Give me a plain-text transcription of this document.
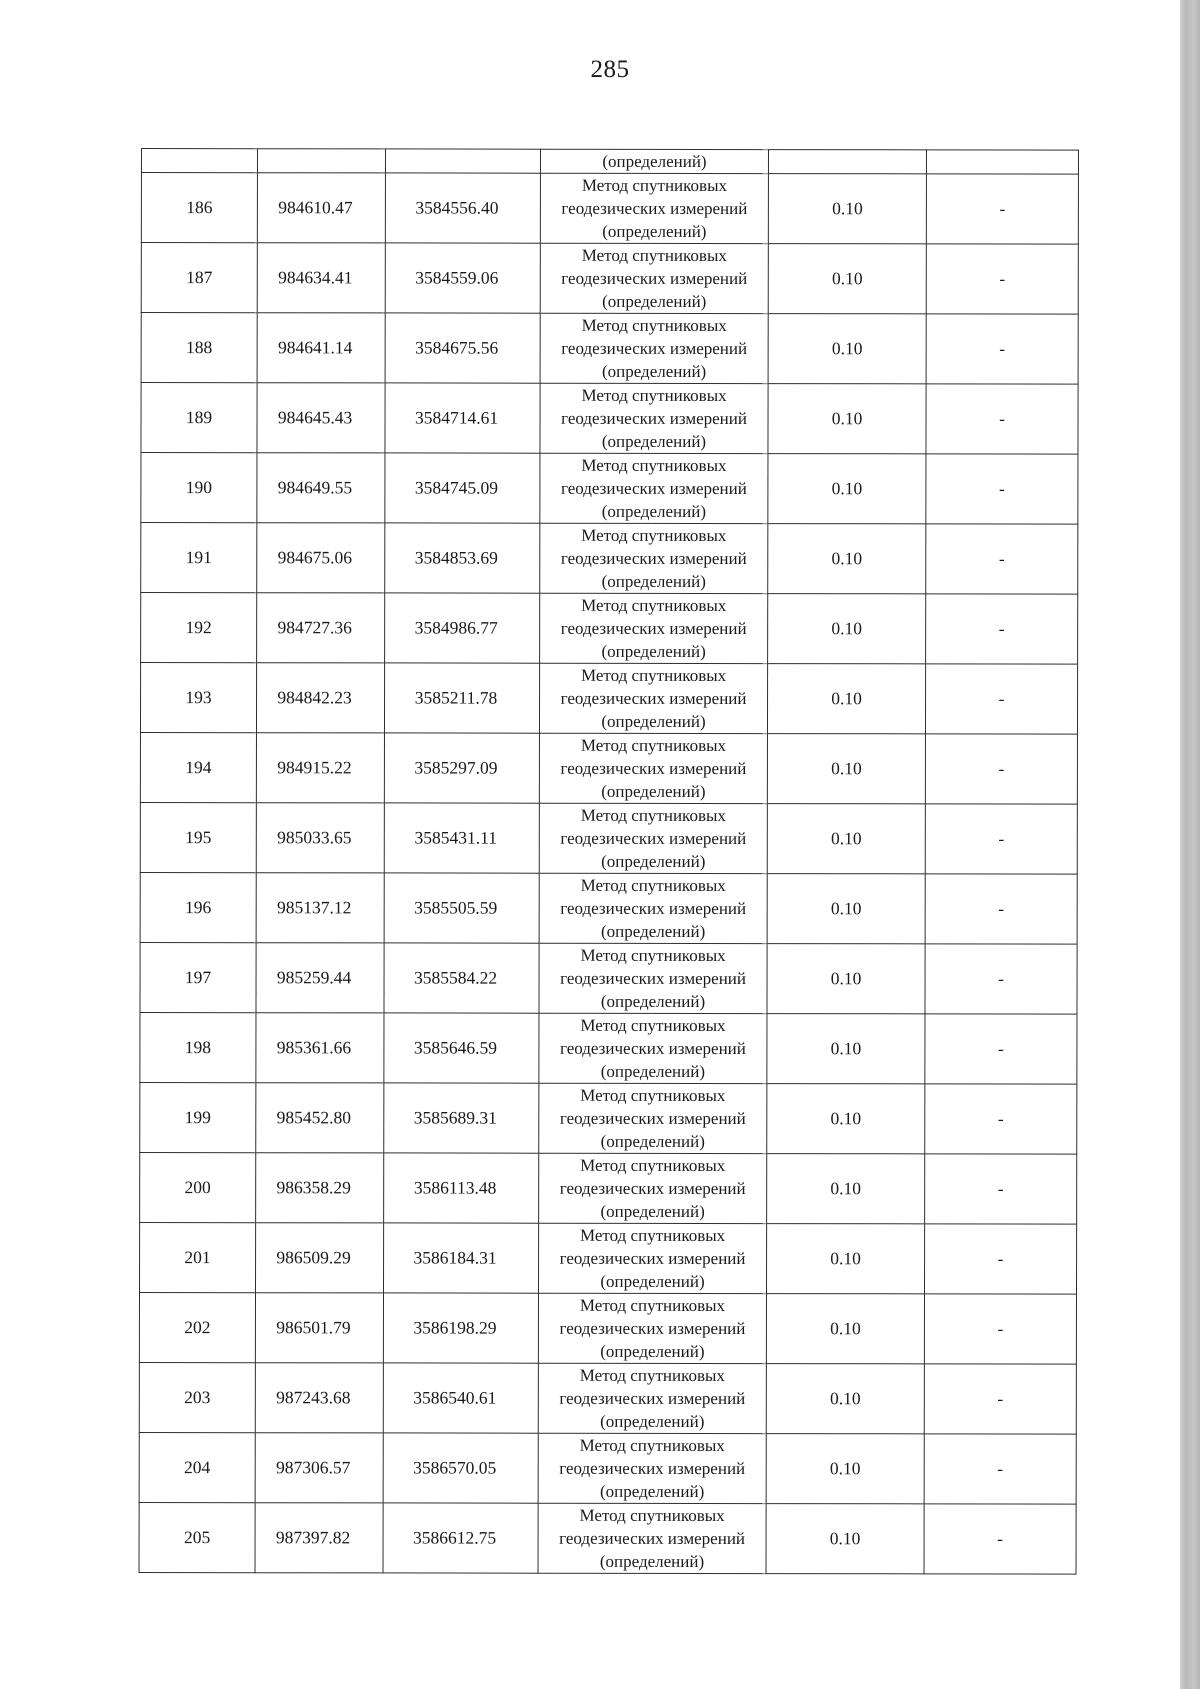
285
			(определений)		
186	984610.47	3584556.40	Метод спутниковых
геодезических измерений
(определений)	0.10	-
187	984634.41	3584559.06	Метод спутниковых
геодезических измерений
(определений)	0.10	-
188	984641.14	3584675.56	Метод спутниковых
геодезических измерений
(определений)	0.10	-
189	984645.43	3584714.61	Метод спутниковых
геодезических измерений
(определений)	0.10	-
190	984649.55	3584745.09	Метод спутниковых
геодезических измерений
(определений)	0.10	-
191	984675.06	3584853.69	Метод спутниковых
геодезических измерений
(определений)	0.10	-
192	984727.36	3584986.77	Метод спутниковых
геодезических измерений
(определений)	0.10	-
193	984842.23	3585211.78	Метод спутниковых
геодезических измерений
(определений)	0.10	-
194	984915.22	3585297.09	Метод спутниковых
геодезических измерений
(определений)	0.10	-
195	985033.65	3585431.11	Метод спутниковых
геодезических измерений
(определений)	0.10	-
196	985137.12	3585505.59	Метод спутниковых
геодезических измерений
(определений)	0.10	-
197	985259.44	3585584.22	Метод спутниковых
геодезических измерений
(определений)	0.10	-
198	985361.66	3585646.59	Метод спутниковых
геодезических измерений
(определений)	0.10	-
199	985452.80	3585689.31	Метод спутниковых
геодезических измерений
(определений)	0.10	-
200	986358.29	3586113.48	Метод спутниковых
геодезических измерений
(определений)	0.10	-
201	986509.29	3586184.31	Метод спутниковых
геодезических измерений
(определений)	0.10	-
202	986501.79	3586198.29	Метод спутниковых
геодезических измерений
(определений)	0.10	-
203	987243.68	3586540.61	Метод спутниковых
геодезических измерений
(определений)	0.10	-
204	987306.57	3586570.05	Метод спутниковых
геодезических измерений
(определений)	0.10	-
205	987397.82	3586612.75	Метод спутниковых
геодезических измерений
(определений)	0.10	-
